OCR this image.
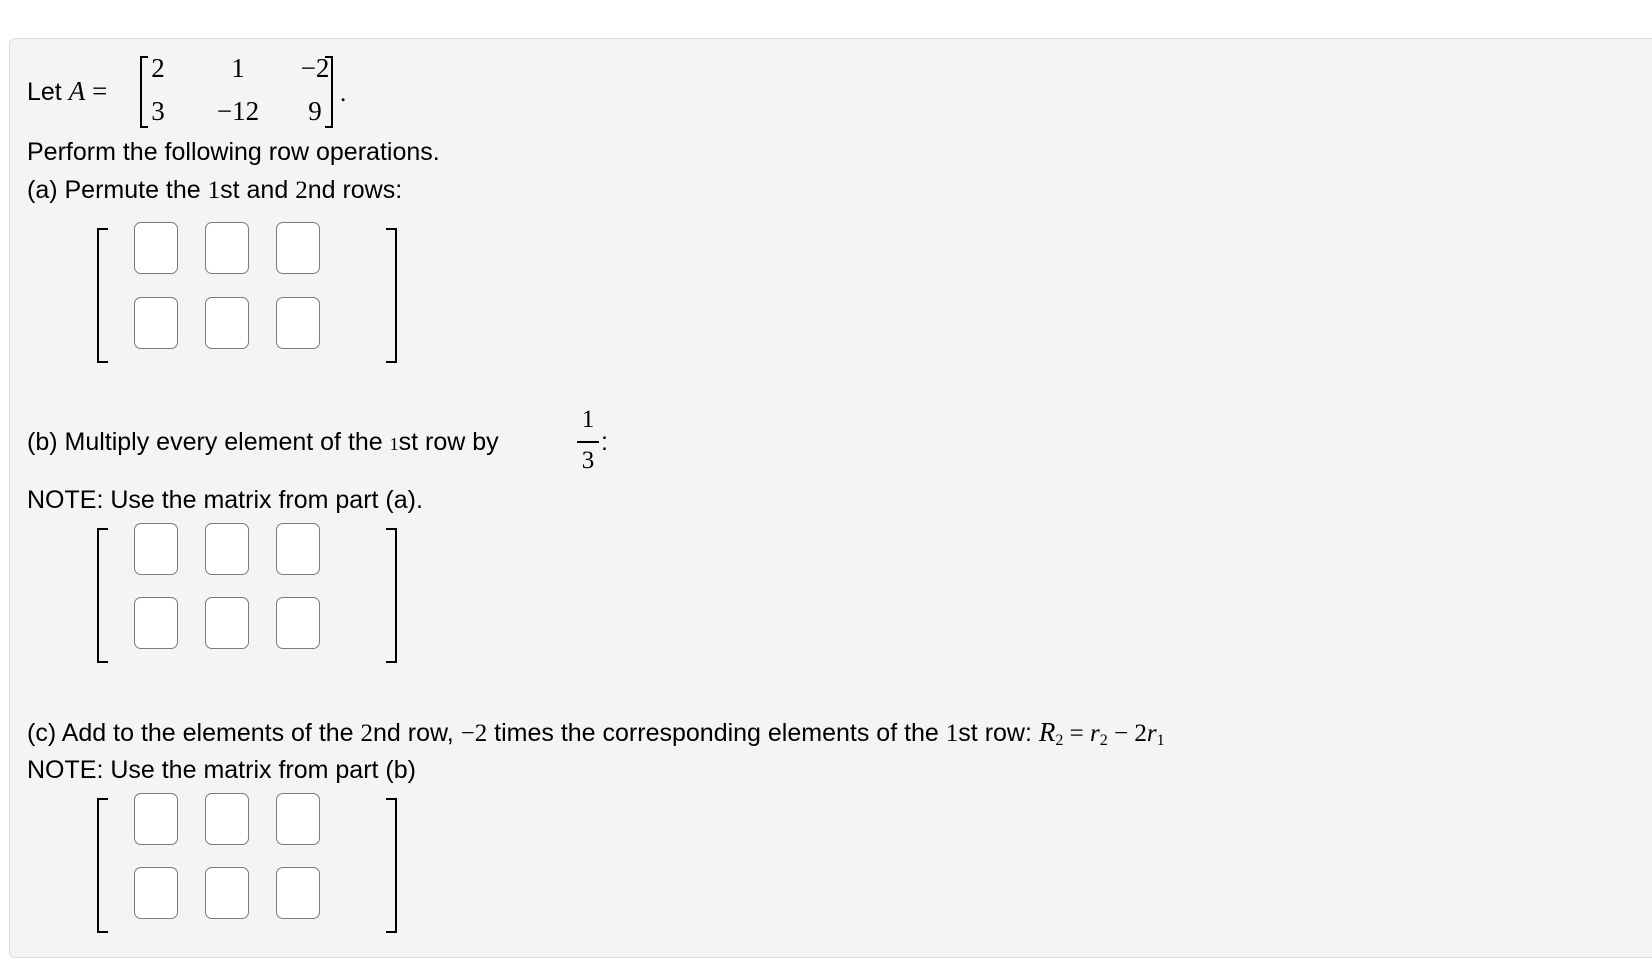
Let A =
2	1	−2
3	−12	9
.
Perform the following row operations.
(a) Permute the 1st and 2nd rows:
(b) Multiply every element of the 1st row by
1
3
:
NOTE: Use the matrix from part (a).
(c) Add to the elements of the 2nd row, −2 times the corresponding elements of the 1st row: $R_2 = r_2 - 2r_1$
NOTE: Use the matrix from part (b)
